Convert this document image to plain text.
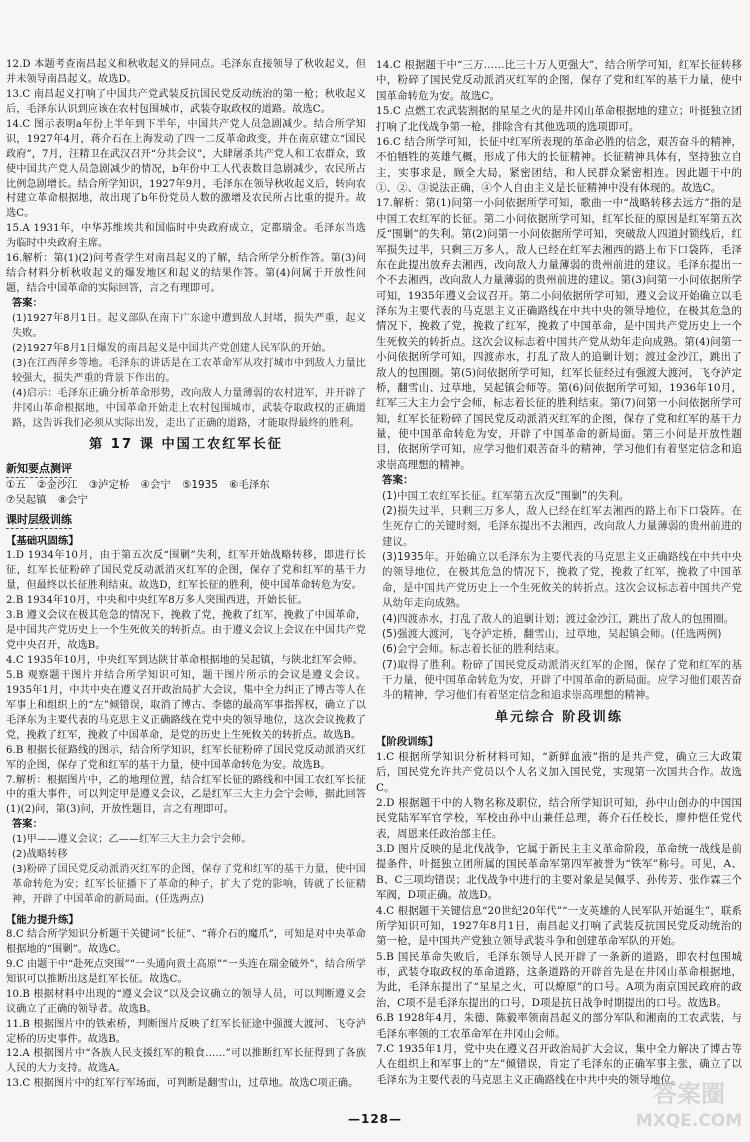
12.D 本题考查南昌起义和秋收起义的异同点。毛泽东直接领导了秋收起义，但并未领导南昌起义。故选D。

13.C 南昌起义打响了中国共产党武装反抗国民党反动统治的第一枪；秋收起义后，毛泽东认识到应该在农村包围城市，武装夺取政权的道路。故选C。

14.C 图示表明a年份上半年到下半年，中国共产党人员急剧减少。结合所学知识，1927年4月，蒋介石在上海发动了四一二反革命政变，并在南京建立“国民政府”，7月，汪精卫在武汉召开“分共会议”，大肆屠杀共产党人和工农群众，致使中国共产党人员急剧减少的情况，b年份中工人代表数目急剧减少，农民所占比例急剧增长。结合所学知识，1927年9月，毛泽东在领导秋收起义后，转向农村建立革命根据地，故出现了b年份党员人数的激增及农民所占比重的提升。故选C。

15.A 1931年，中华苏维埃共和国临时中央政府成立，定都瑞金。毛泽东当选为临时中央政府主席。

16.解析：第(1)(2)问考查学生对南昌起义的了解，结合所学分析作答。第(3)问结合材料分析秋收起义的爆发地区和起义的结果作答。第(4)问属于开放性问题，结合中国革命的实际回答，言之有理即可。

答案：

(1)1927年8月1日。起义部队在南下广东途中遭到敌人封堵，损失严重，起义失败。

(2)1927年8月1日爆发的南昌起义是中国共产党创建人民军队的开始。

(3)在江西萍乡等地。毛泽东的讲话是在工农革命军从攻打城市中到敌人力量比较强大，损失严重的背景下作出的。

(4)启示：毛泽东正确分析革命形势，改向敌人力量薄弱的农村进军，并开辟了井冈山革命根据地，中国革命开始走上农村包围城市，武装夺取政权的正确道路，这告诉我们必须从实际出发，走出了正确的道路，才能取得最终的胜利。

第 17 课 中国工农红军长征
新知要点测评
①五 ②金沙江 ③泸定桥 ④会宁 ⑤1935 ⑥毛泽东
⑦吴起镇 ⑧会宁
课时层级训练
【基础巩固练】

1.D 1934年10月，由于第五次反“围剿”失利，红军开始战略转移，即进行长征，红军长征粉碎了国民党反动派消灭红军的企图，保存了党和红军的基干力量，但最终以长征胜利结束。故选D，红军长征的胜利，使中国革命转危为安。

2.B 1934年10月，中央和中央红军8万多人突围西进，开始长征。

3.B 遵义会议在极其危急的情况下，挽救了党，挽救了红军，挽救了中国革命，是中国共产党历史上一个生死攸关的转折点。由于遵义会议上会议在中国共产党党中央召开，故选B。

4.C 1935年10月，中央红军到达陕甘革命根据地的吴起镇，与陕北红军会师。

5.B 观察题干图片并结合所学知识可知，题干图片所示的会议是遵义会议。1935年1月，中共中央在遵义召开政治局扩大会议，集中全力纠正了博古等人在军事上和组织上的“左”倾错误，取消了博古、李德的最高军事指挥权，确立了以毛泽东为主要代表的马克思主义正确路线在党中央的领导地位，这次会议挽救了党，挽救了红军，挽救了中国革命，是党的历史上生死攸关的转折点。故选B。

6.B 根据长征路线的图示，结合所学知识，红军长征粉碎了国民党反动派消灭红军的企图，保存了党和红军的基干力量，使中国革命转危为安。故选B。

7.解析：根据图片中，乙的地理位置，结合红军长征的路线和中国工农红军长征中的重大事件，可以判定甲是遵义会议，乙是红军三大主力会宁会师，据此回答(1)(2)问，第(3)问，开放性题目，言之有理即可。

答案：

(1)甲——遵义会议；乙——红军三大主力会宁会师。

(2)战略转移

(3)粉碎了国民党反动派消灭红军的企图，保存了党和红军的基干力量，使中国革命转危为安；红军长征播下了革命的种子，扩大了党的影响，铸就了长征精神，开辟了中国革命的新局面。(任选两点)

【能力提升练】

8.C 结合所学知识分析题干关键词“长征”、“蒋介石的魔爪”，可知是对中央革命根据地的“围剿”。故选C。

9.C 由题干中“赴死点突围”“一头通向贵土高原”“一头连在瑞金破外”，结合所学知识可以推断出这是红军长征。故选C。

10.B 根据材料中出现的“遵义会议”以及会议确立的领导人员，可以判断遵义会议确立了正确的领导者。故选B。

11.B 根据图片中的铁索桥，判断图片反映了红军长征途中强渡大渡河、飞夺泸定桥的历史事件。故选B。

12.A 根据图片中“各族人民支援红军的粮食……”可以推断红军长征得到了各族人民的大力支持。故选A。

13.C 根据图片中的红军行军场面，可判断是翻雪山，过草地。故选C项正确。

14.C 根据题干中“三万……比三十万人更强大”，结合所学可知，红军长征转移中，粉碎了国民党反动派消灭红军的企图，保存了党和红军的基干力量，使中国革命转危为安。故选C。

15.C 点燃工农武装割据的星星之火的是井冈山革命根据地的建立；叶挺独立团打响了北伐战争第一枪，排除含有其他选项的选项即可。

16.C 结合所学可知，长征中红军所表现的革命必胜的信念，艰苦奋斗的精神，不怕牺牲的英雄气概，形成了伟大的长征精神。长征精神具体有，坚持独立自主，实事求是，顾全大局，紧密团结，和人民群众紧密相连。因此题干中的①、②、③说法正确，④个人自由主义是长征精神中没有体现的。故选C。

17.解析：第(1)问第一小问依据所学可知，歌曲一中“战略转移去远方”指的是中国工农红军的长征。第二小问依据所学可知，红军长征的原因是红军第五次反“围剿”的失利。第(2)问第一小问依据所学可知，突破敌人四道封锁线后，红军损失过半，只剩三万多人，敌人已经在红军去湘西的路上布下口袋阵，毛泽东在此提出放弃去湘西，改向敌人力量薄弱的贵州前进的建议。毛泽东提出一个不去湘西，改向敌人力量薄弱的贵州前进的建议。第(3)问第一小问依据所学可知，1935年遵义会议召开。第二小问依据所学可知，遵义会议开始确立以毛泽东为主要代表的马克思主义正确路线在中共中央的领导地位，在极其危急的情况下，挽救了党，挽救了红军，挽救了中国革命，是中国共产党历史上一个生死攸关的转折点。这次会议标志着中国共产党从幼年走向成熟。第(4)问第一小问依据所学可知，四渡赤水，打乱了敌人的追剿计划；渡过金沙江，跳出了敌人的包围圈。第(5)问依据所学可知，红军长征经过有强渡大渡河，飞夺泸定桥，翻雪山、过草地，吴起镇会师等。第(6)问依据所学可知，1936年10月，红军三大主力会宁会师，标志着长征的胜利结束。第(7)问第一小问依据所学可知，红军长征粉碎了国民党反动派消灭红军的企图，保存了党和红军的基干力量，使中国革命转危为安，开辟了中国革命的新局面。第三小问是开放性题目，依据所学可知，应学习他们艰苦奋斗的精神，学习他们有着坚定信念和追求崇高理想的精神。

答案：

(1)中国工农红军长征。红军第五次反“围剿”的失利。

(2)损失过半，只剩三万多人，敌人已经在红军去湘西的路上布下口袋阵。在生死存亡的关键时刻，毛泽东提出不去湘西，改向敌人力量薄弱的贵州前进的建议。

(3)1935年。开始确立以毛泽东为主要代表的马克思主义正确路线在中共中央的领导地位，在极其危急的情况下，挽救了党，挽救了红军，挽救了中国革命，是中国共产党历史上一个生死攸关的转折点。这次会议标志着中国共产党从幼年走向成熟。

(4)四渡赤水，打乱了敌人的追剿计划；渡过金沙江，跳出了敌人的包围圈。

(5)强渡大渡河，飞夺泸定桥，翻雪山，过草地，吴起镇会师。(任选两例)

(6)会宁会师。标志着长征的胜利结束。

(7)取得了胜利。粉碎了国民党反动派消灭红军的企图，保存了党和红军的基干力量，使中国革命转危为安，开辟了中国革命的新局面。应学习他们艰苦奋斗的精神，学习他们有着坚定信念和追求崇高理想的精神。

单元综合 阶段训练
【阶段训练】

1.C 根据所学知识分析材料可知，“新鲜血液”指的是共产党，确立三大政策后，国民党允许共产党员以个人名义加入国民党，实现第一次国共合作。故选C。

2.D 根据题干中的人物名称及职位，结合所学知识可知，孙中山创办的中国国民党陆军军官学校，军校由孙中山兼任总理，蒋介石任校长，廖仲恺任党代表，周恩来任政治部主任。

3.D 图片反映的是北伐战争，它属于新民主主义革命阶段，革命统一战线是前提条件，叶挺独立团所属的国民革命军第四军被誉为“铁军”称号。可见，A、B、C三项均错误；北伐战争中进行的主要对象是吴佩孚、孙传芳、张作霖三个军阀，D项正确。故选D。

4.C 根据题干关键信息“20世纪20年代”“一支英雄的人民军队开始诞生”，联系所学知识可知，1927年8月1日，南昌起义打响了武装反抗国民党反动统治的第一枪，是中国共产党独立领导武装斗争和创建革命军队的开始。

5.B 国民革命失败后，毛泽东领导人民开辟了一条新的道路，即农村包围城市，武装夺取政权的革命道路，这条道路的开辟首先是在井冈山革命根据地，为此，毛泽东提出了“星星之火，可以燎原”的口号。A项为南京国民政府的政治，C项不是毛泽东提出的口号，D项是抗日战争时期提出的口号。故选B。

6.B 1928年4月，朱德、陈毅率领南昌起义的部分军队和湘南的工农武装，与毛泽东率领的工农革命军在井冈山会师。

7.C 1935年1月，党中央在遵义召开政治局扩大会议，集中全力解决了博古等人在组织上和军事上的“左”倾错误，肯定了毛泽东的正确军事主张，确立了以毛泽东为主要代表的马克思主义正确路线在中共中央的领导地位。

—128—
答案圈
MXQE.COM
